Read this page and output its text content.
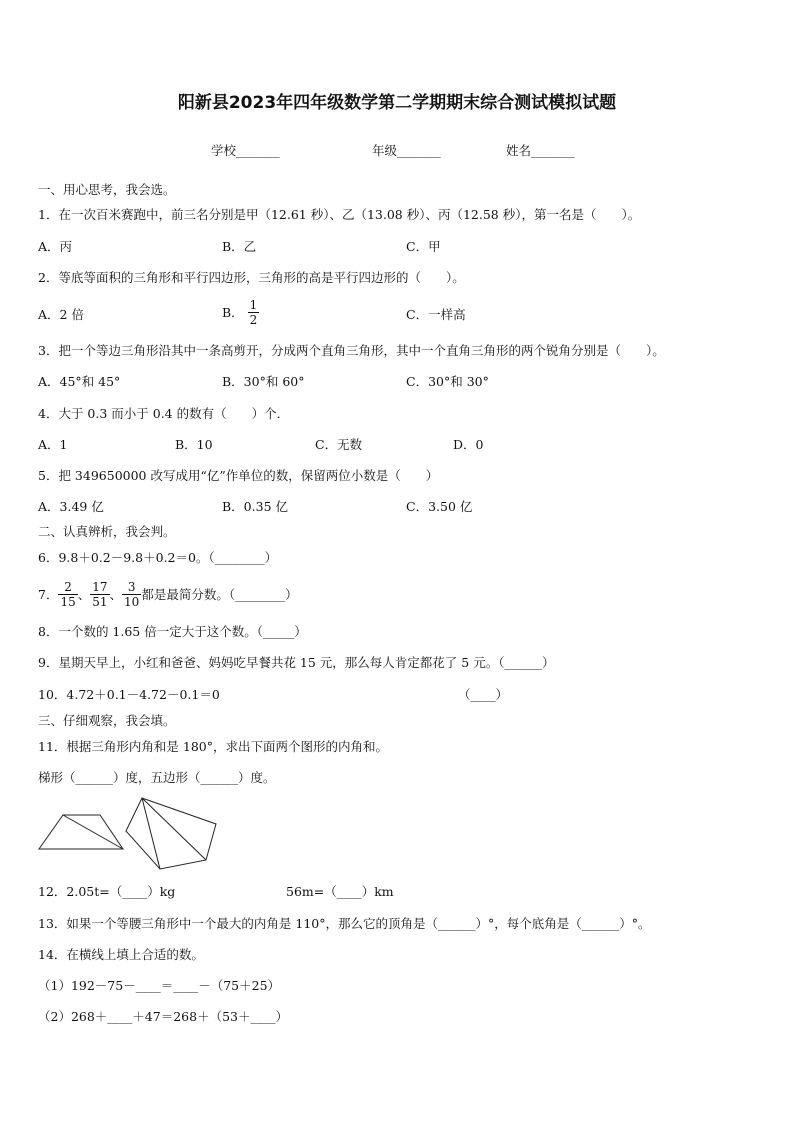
阳新县2023年四年级数学第二学期期末综合测试模拟试题
学校_______	年级_______	姓名_______
一、用心思考，我会选。
1．在一次百米赛跑中，前三名分别是甲（12.61 秒）、乙（13.08 秒）、丙（12.58 秒），第一名是（　　）。
A．丙	B．乙	C．甲
2．等底等面积的三角形和平行四边形，三角形的高是平行四边形的（　　）。
A．2 倍	B． $\frac{1}{2}$	C．一样高
3．把一个等边三角形沿其中一条高剪开，分成两个直角三角形，其中一个直角三角形的两个锐角分别是（　　）。
A．45°和 45°	B．30°和 60°	C．30°和 30°
4．大于 0.3 而小于 0.4 的数有（　　）个．
A．1	B．10	C．无数	D．0
5．把 349650000 改写成用“亿”作单位的数，保留两位小数是（　　）
A．3.49 亿	B．0.35 亿	C．3.50 亿
二、认真辨析，我会判。
6．9.8＋0.2－9.8＋0.2＝0。（________）
7． $\frac{2}{15}$ 、 $\frac{17}{51}$ 、 $\frac{3}{10}$ 都是最简分数。（________）
8．一个数的 1.65 倍一定大于这个数。（_____）
9．星期天早上，小红和爸爸、妈妈吃早餐共花 15 元，那么每人肯定都花了 5 元。（______）
10．4.72＋0.1－4.72－0.1＝0	（____）
三、仔细观察，我会填。
11．根据三角形内角和是 180°，求出下面两个图形的内角和。
梯形（______）度，五边形（______）度。
12．2.05t=（____）kg	56m=（____）km
13．如果一个等腰三角形中一个最大的内角是 110°，那么它的顶角是（______）°，每个底角是（______）°。
14．在横线上填上合适的数。
（1）192－75－____＝____－（75＋25）
（2）268＋____＋47＝268＋（53＋____）
